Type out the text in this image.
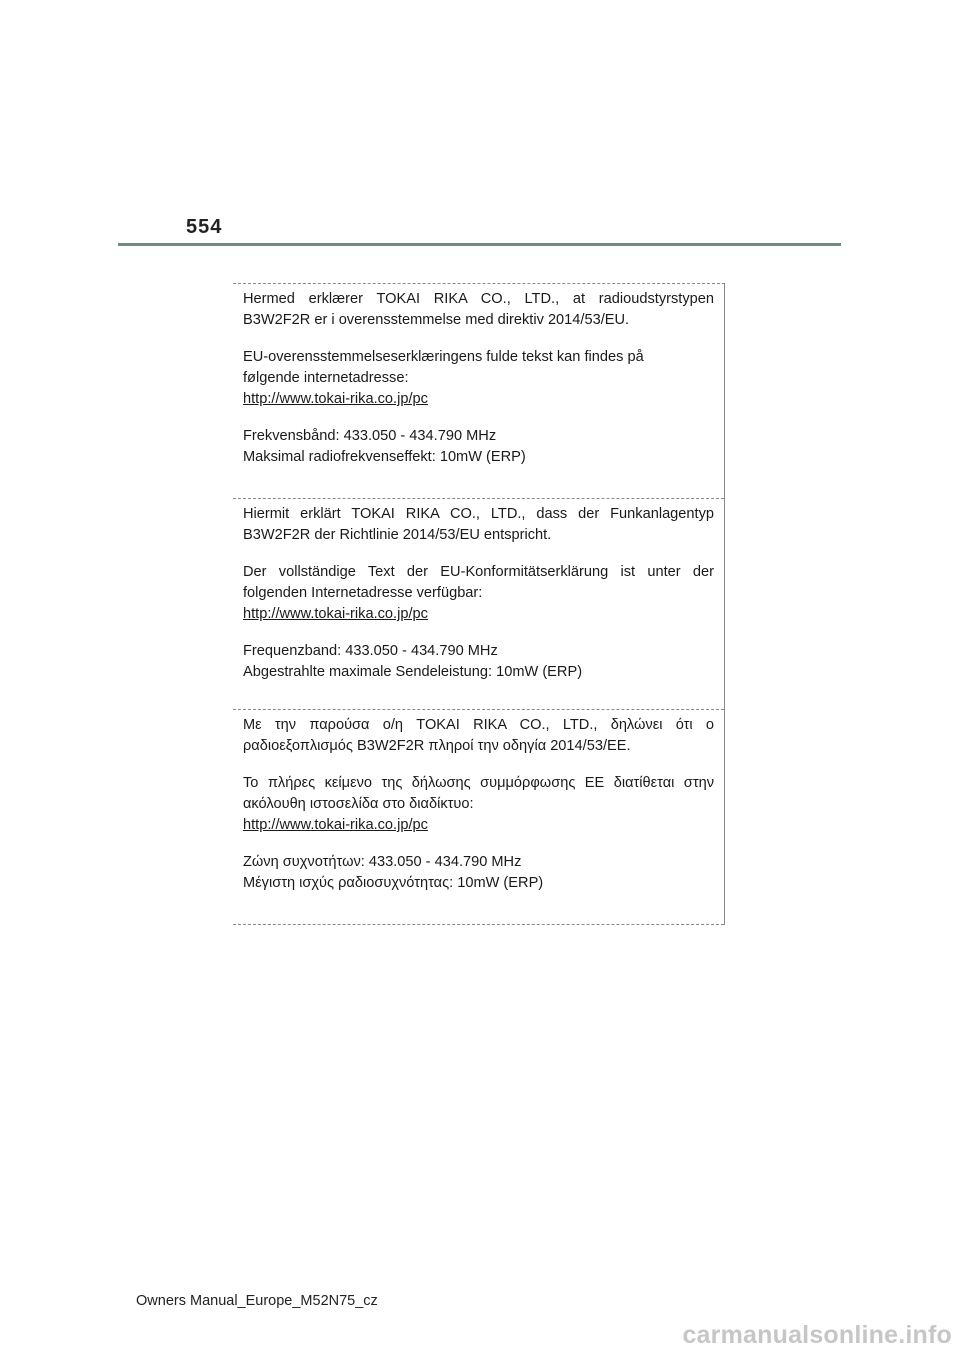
554

Hermed erklærer TOKAI RIKA CO., LTD., at radioudstyrstypen

B3W2F2R er i overensstemmelse med direktiv 2014/53/EU.

EU-overensstemmelseserklæringens fulde tekst kan findes på

følgende internetadresse:

http://www.tokai-rika.co.jp/pc

Frekvensbånd: 433.050 - 434.790 MHz

Maksimal radiofrekvenseffekt: 10mW (ERP)

Hiermit erklärt TOKAI RIKA CO., LTD., dass der Funkanlagentyp

B3W2F2R der Richtlinie 2014/53/EU entspricht.

Der vollständige Text der EU-Konformitätserklärung ist unter der

folgenden Internetadresse verfügbar:

http://www.tokai-rika.co.jp/pc

Frequenzband: 433.050 - 434.790 MHz

Abgestrahlte maximale Sendeleistung: 10mW (ERP)

Με την παρούσα ο/η TOKAI RIKA CO., LTD., δηλώνει ότι ο

ραδιοεξοπλισμός B3W2F2R πληροί την οδηγία 2014/53/ΕΕ.

Το πλήρες κείμενο της δήλωσης συμμόρφωσης ΕΕ διατίθεται στην

ακόλουθη ιστοσελίδα στο διαδίκτυο:

http://www.tokai-rika.co.jp/pc

Ζώνη συχνοτήτων: 433.050 - 434.790 MHz

Μέγιστη ισχύς ραδιοσυχνότητας: 10mW (ERP)

Owners Manual_Europe_M52N75_cz
carmanualsonline.info
